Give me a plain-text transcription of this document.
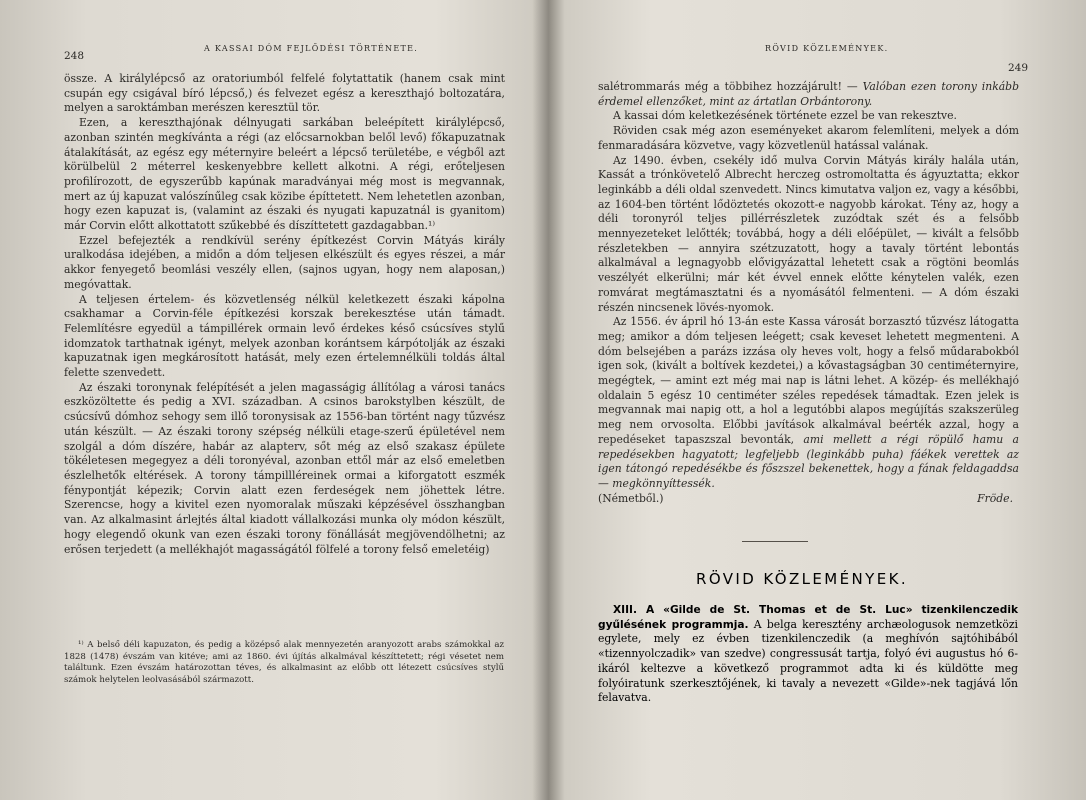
248
A KASSAI DÓM FEJLŐDÉSI TÖRTÉNETE.

össze. A királylépcső az oratoriumból felfelé folytattatik (hanem csak mint csupán egy csigával bíró lépcső,) és felvezet egész a kereszthajó boltozatára, melyen a saroktámban merészen keresztül tör.

Ezen, a kereszthajónak délnyugati sarkában beleépített királylépcső, azonban szintén megkívánta a régi (az előcsarnokban belől levő) főkapuzatnak átalakítását, az egész egy méternyire beleért a lépcső területébe, e végből azt körülbelül 2 méterrel keskenyebbre kellett alkotni. A régi, erőteljesen profilírozott, de egyszerűbb kapúnak maradványai még most is megvannak, mert az új kapuzat valószínűleg csak közibe építtetett. Nem lehetetlen azonban, hogy ezen kapuzat is, (valamint az északi és nyugati kapuzatnál is gyanitom) már Corvin előtt alkottatott szűkebbé és díszíttetett gazdagabban.¹⁾

Ezzel befejezték a rendkívül serény építkezést Corvin Mátyás király uralkodása idejében, a midőn a dóm teljesen elkészült és egyes részei, a már akkor fenyegető beomlási veszély ellen, (sajnos ugyan, hogy nem alaposan,) megóvattak.

A teljesen értelem- és közvetlenség nélkül keletkezett északi kápolna csakhamar a Corvin-féle építkezési korszak berekesztése után támadt. Felemlítésre egyedül a támpillérek ormain levő érdekes késő csúcsíves stylű idomzatok tarthatnak igényt, melyek azonban korántsem kárpótolják az északi kapuzatnak igen megkárosított hatását, mely ezen értelemnélküli toldás által felette szenvedett.

Az északi toronynak felépítését a jelen magasságig állítólag a városi tanács eszközöltette és pedig a XVI. században. A csinos barokstylben készült, de csúcsívű dómhoz sehogy sem illő toronysisak az 1556-ban történt nagy tűzvész után készült. — Az északi torony szépség nélküli etage-szerű épületével nem szolgál a dóm díszére, habár az alapterv, sőt még az első szakasz épülete tökéletesen megegyez a déli toronyéval, azonban ettől már az első emeletben észlelhetők eltérések. A torony támpillléreinek ormai a kiforgatott eszmék fénypontját képezik; Corvin alatt ezen ferdeségek nem jöhettek létre. Szerencse, hogy a kivitel ezen nyomoralak műszaki képzésével összhangban van. Az alkalmasint árlejtés által kiadott vállalkozási munka oly módon készült, hogy elegendő okunk van ezen északi torony fönállását megjövendölhetni; az erősen terjedett (a mellékhajót magasságától fölfelé a torony felső emeletéig)

¹⁾ A belső déli kapuzaton, és pedig a középső alak mennyezetén aranyozott arabs számokkal az 1828 (1478) évszám van kitéve; ami az 1860. évi újítás alkalmával készíttetett; régi vésetet nem találtunk. Ezen évszám határozottan téves, és alkalmasint az előbb ott létezett csúcsíves stylű számok helytelen leolvasásából származott.

RÖVID KÖZLEMÉNYEK.
249

salétrommarás még a többihez hozzájárult! — Valóban ezen torony inkább érdemel ellenzőket, mint az ártatlan Orbántorony.

A kassai dóm keletkezésének története ezzel be van rekesztve.

Röviden csak még azon eseményeket akarom felemlíteni, melyek a dóm fenmaradására közvetve, vagy közvetlenül hatással valának.

Az 1490. évben, csekély idő mulva Corvin Mátyás király halála után, Kassát a trónkövetelő Albrecht herczeg ostromoltatta és ágyuztatta; ekkor leginkább a déli oldal szenvedett. Nincs kimutatva valjon ez, vagy a későbbi, az 1604-ben történt lődöztetés okozott-e nagyobb károkat. Tény az, hogy a déli toronyról teljes pillérrészletek zuzódtak szét és a felsőbb mennyezeteket lelőtték; továbbá, hogy a déli előépület, — kivált a felsőbb részletekben — annyira szétzuzatott, hogy a tavaly történt lebontás alkalmával a legnagyobb elővigyázattal lehetett csak a rögtöni beomlás veszélyét elkerülni; már két évvel ennek előtte kénytelen valék, ezen romvárat megtámasztatni és a nyomásától felmenteni. — A dóm északi részén nincsenek lövés-nyomok.

Az 1556. év ápril hó 13-án este Kassa városát borzasztó tűzvész látogatta meg; amikor a dóm teljesen leégett; csak keveset lehetett megmenteni. A dóm belsejében a parázs izzása oly heves volt, hogy a felső műdarabokból igen sok, (kivált a boltívek kezdetei,) a kővastagságban 30 centiméternyire, megégtek, — amint ezt még mai nap is látni lehet. A közép- és mellékhajó oldalain 5 egész 10 centiméter széles repedések támadtak. Ezen jelek is megvannak mai napig ott, a hol a legutóbbi alapos megújítás szakszerüleg meg nem orvosolta. Előbbi javítások alkalmával beérték azzal, hogy a repedéseket tapaszszal bevonták, ami mellett a régi röpülő hamu a repedésekben hagyatott; legfeljebb (leginkább puha) fáékek verettek az igen tátongó repedésékbe és főszszel bekenettek, hogy a fának feldagaddsa — megkönnyíttessék.

(Németből.)	Fröde.
RÖVID KÖZLEMÉNYEK.

XIII. A «Gilde de St. Thomas et de St. Luc» tizenkilenczedik gyűlésének programmja. A belga keresztény archæologusok nemzetközi egylete, mely ez évben tizenkilenczedik (a meghívón sajtóhibából «tizennyolczadik» van szedve) congressusát tartja, folyó évi augustus hó 6-ikáról keltezve a következő programmot adta ki és küldötte meg folyóiratunk szerkesztőjének, ki tavaly a nevezett «Gilde»-nek tagjává lőn felavatva.
